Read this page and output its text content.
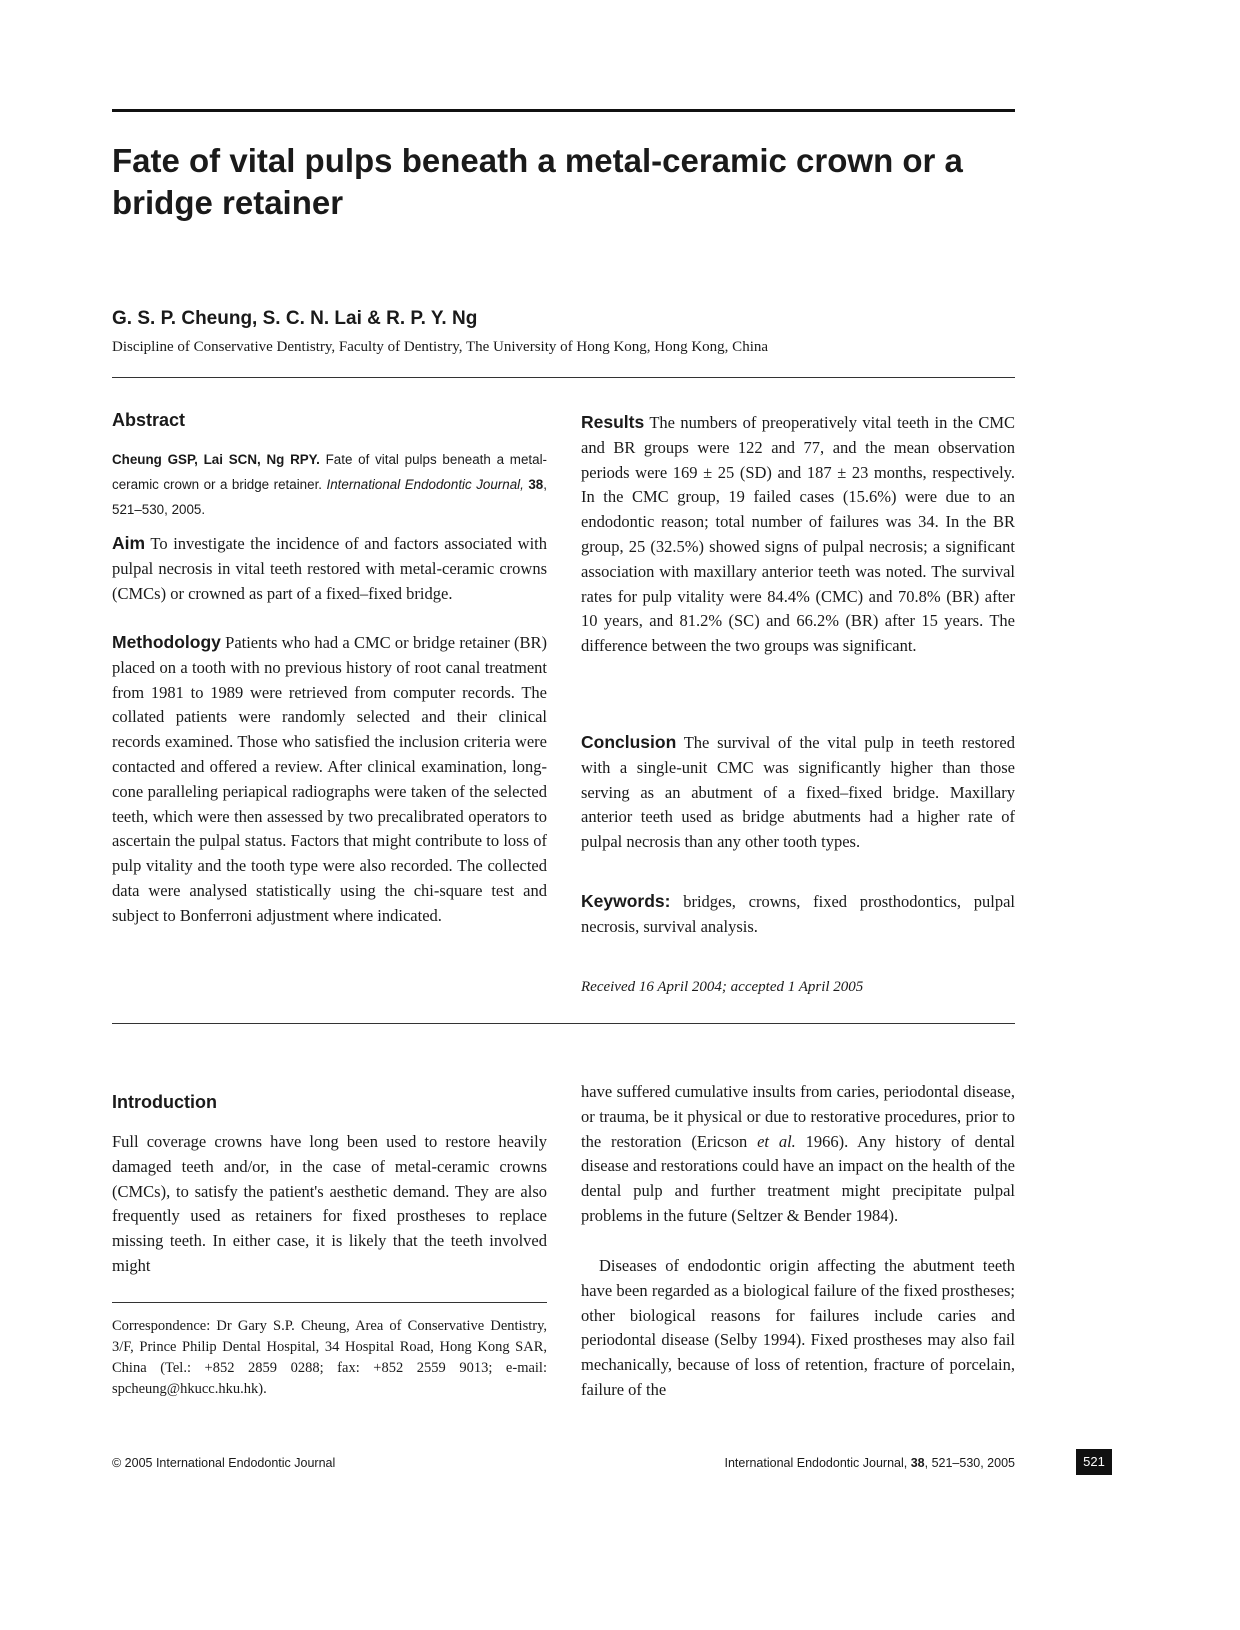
Fate of vital pulps beneath a metal-ceramic crown or a bridge retainer

G. S. P. Cheung, S. C. N. Lai & R. P. Y. Ng

Discipline of Conservative Dentistry, Faculty of Dentistry, The University of Hong Kong, Hong Kong, China

Abstract

Cheung GSP, Lai SCN, Ng RPY. Fate of vital pulps beneath a metal-ceramic crown or a bridge retainer. International Endodontic Journal, 38, 521–530, 2005.

Aim To investigate the incidence of and factors associated with pulpal necrosis in vital teeth restored with metal-ceramic crowns (CMCs) or crowned as part of a fixed–fixed bridge.

Methodology Patients who had a CMC or bridge retainer (BR) placed on a tooth with no previous history of root canal treatment from 1981 to 1989 were retrieved from computer records. The collated patients were randomly selected and their clinical records examined. Those who satisfied the inclusion criteria were contacted and offered a review. After clinical examination, long-cone paralleling periapical radiographs were taken of the selected teeth, which were then assessed by two precalibrated operators to ascertain the pulpal status. Factors that might contribute to loss of pulp vitality and the tooth type were also recorded. The collected data were analysed statistically using the chi-square test and subject to Bonferroni adjustment where indicated.

Results The numbers of preoperatively vital teeth in the CMC and BR groups were 122 and 77, and the mean observation periods were 169 ± 25 (SD) and 187 ± 23 months, respectively. In the CMC group, 19 failed cases (15.6%) were due to an endodontic reason; total number of failures was 34. In the BR group, 25 (32.5%) showed signs of pulpal necrosis; a significant association with maxillary anterior teeth was noted. The survival rates for pulp vitality were 84.4% (CMC) and 70.8% (BR) after 10 years, and 81.2% (SC) and 66.2% (BR) after 15 years. The difference between the two groups was significant.

Conclusion The survival of the vital pulp in teeth restored with a single-unit CMC was significantly higher than those serving as an abutment of a fixed–fixed bridge. Maxillary anterior teeth used as bridge abutments had a higher rate of pulpal necrosis than any other tooth types.

Keywords: bridges, crowns, fixed prosthodontics, pulpal necrosis, survival analysis.

Received 16 April 2004; accepted 1 April 2005

Introduction

Full coverage crowns have long been used to restore heavily damaged teeth and/or, in the case of metal-ceramic crowns (CMCs), to satisfy the patient's aesthetic demand. They are also frequently used as retainers for fixed prostheses to replace missing teeth. In either case, it is likely that the teeth involved might

have suffered cumulative insults from caries, periodontal disease, or trauma, be it physical or due to restorative procedures, prior to the restoration (Ericson et al. 1966). Any history of dental disease and restorations could have an impact on the health of the dental pulp and further treatment might precipitate pulpal problems in the future (Seltzer & Bender 1984).

Diseases of endodontic origin affecting the abutment teeth have been regarded as a biological failure of the fixed prostheses; other biological reasons for failures include caries and periodontal disease (Selby 1994). Fixed prostheses may also fail mechanically, because of loss of retention, fracture of porcelain, failure of the

Correspondence: Dr Gary S.P. Cheung, Area of Conservative Dentistry, 3/F, Prince Philip Dental Hospital, 34 Hospital Road, Hong Kong SAR, China (Tel.: +852 2859 0288; fax: +852 2559 9013; e-mail: spcheung@hkucc.hku.hk).

© 2005 International Endodontic Journal	International Endodontic Journal, 38, 521–530, 2005	521
